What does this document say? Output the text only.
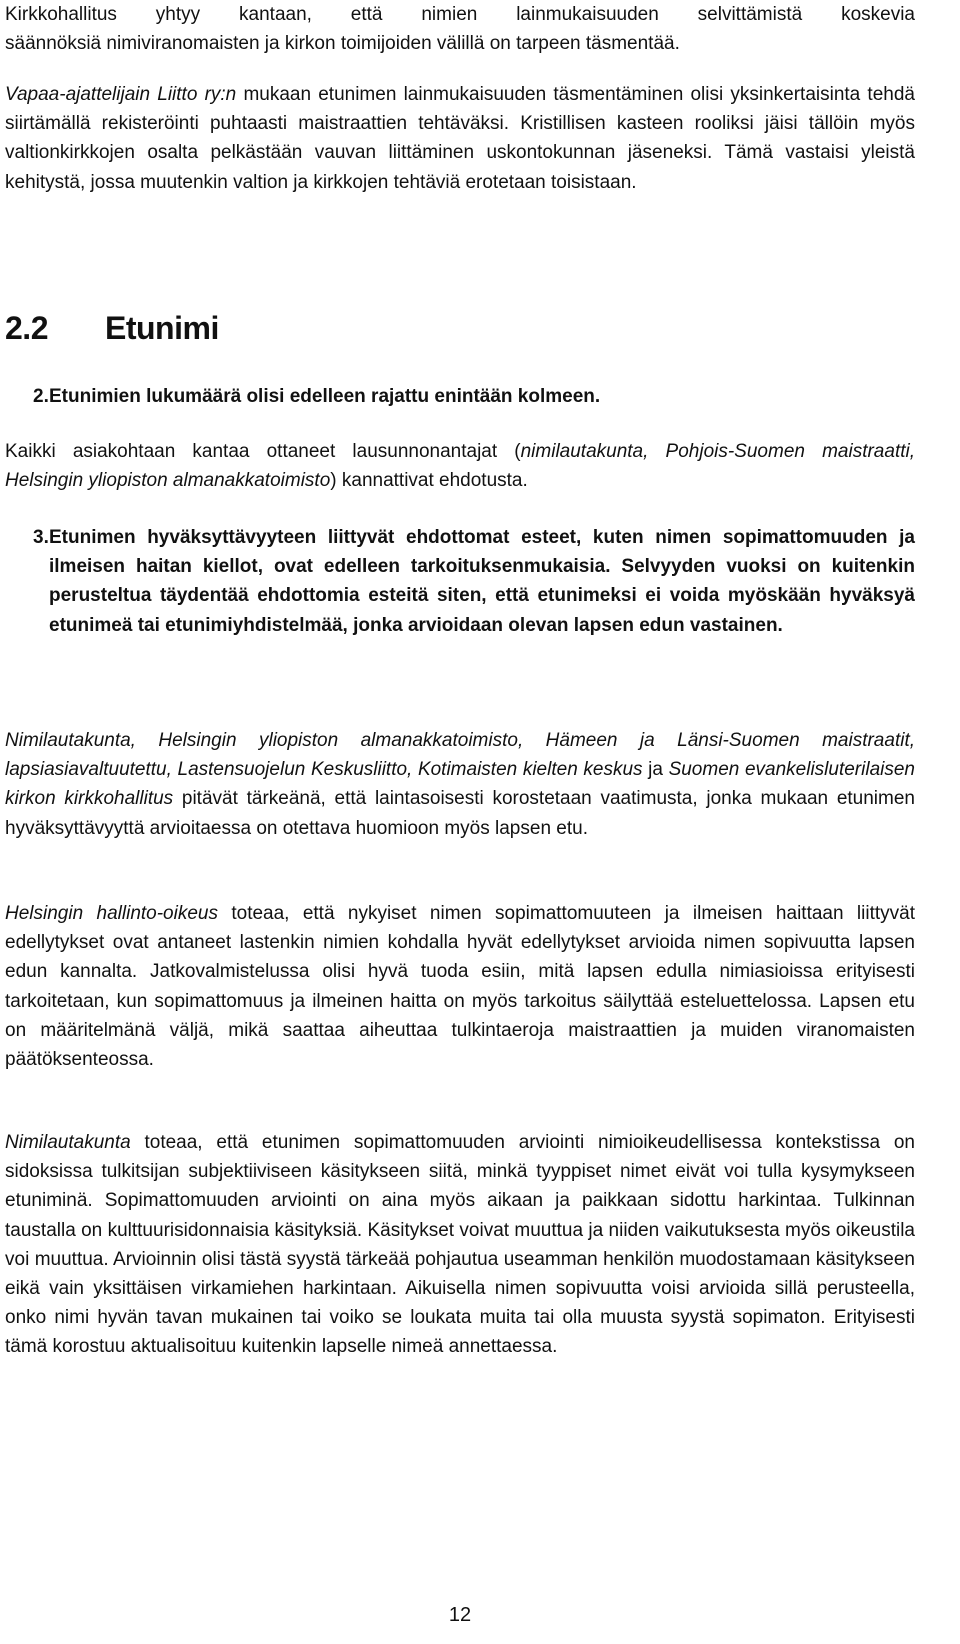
Kirkkohallitus yhtyy kantaan, että nimien lainmukaisuuden selvittämistä koskevia

säännöksiä nimiviranomaisten ja kirkon toimijoiden välillä on tarpeen täsmentää.

Vapaa-ajattelijain Liitto ry:n mukaan etunimen lainmukaisuuden täsmentäminen olisi yksinkertaisinta tehdä siirtämällä rekisteröinti puhtaasti maistraattien tehtäväksi. Kristillisen kasteen rooliksi jäisi tällöin myös valtionkirkkojen osalta pelkästään vauvan liittäminen uskontokunnan jäseneksi. Tämä vastaisi yleistä kehitystä, jossa muutenkin valtion ja kirkkojen tehtäviä erotetaan toisistaan.

2.2 Etunimi
2. Etunimien lukumäärä olisi edelleen rajattu enintään kolmeen.

Kaikki asiakohtaan kantaa ottaneet lausunnonantajat (nimilautakunta, Pohjois-Suomen maistraatti, Helsingin yliopiston almanakkatoimisto) kannattivat ehdotusta.

3. Etunimen hyväksyttävyyteen liittyvät ehdottomat esteet, kuten nimen sopimattomuuden ja ilmeisen haitan kiellot, ovat edelleen tarkoituksenmukaisia. Selvyyden vuoksi on kuitenkin perusteltua täydentää ehdottomia esteitä siten, että etunimeksi ei voida myöskään hyväksyä etunimeä tai etunimiyhdistelmää, jonka arvioidaan olevan lapsen edun vastainen.

Nimilautakunta, Helsingin yliopiston almanakkatoimisto, Hämeen ja Länsi-Suomen maistraatit, lapsiasiavaltuutettu, Lastensuojelun Keskusliitto, Kotimaisten kielten keskus ja Suomen evankelisluterilaisen kirkon kirkkohallitus pitävät tärkeänä, että laintasoisesti korostetaan vaatimusta, jonka mukaan etunimen hyväksyttävyyttä arvioitaessa on otettava huomioon myös lapsen etu.

Helsingin hallinto-oikeus toteaa, että nykyiset nimen sopimattomuuteen ja ilmeisen haittaan liittyvät edellytykset ovat antaneet lastenkin nimien kohdalla hyvät edellytykset arvioida nimen sopivuutta lapsen edun kannalta. Jatkovalmistelussa olisi hyvä tuoda esiin, mitä lapsen edulla nimiasioissa erityisesti tarkoitetaan, kun sopimattomuus ja ilmeinen haitta on myös tarkoitus säilyttää esteluettelossa. Lapsen etu on määritelmänä väljä, mikä saattaa aiheuttaa tulkintaeroja maistraattien ja muiden viranomaisten päätöksenteossa.

Nimilautakunta toteaa, että etunimen sopimattomuuden arviointi nimioikeudellisessa kontekstissa on sidoksissa tulkitsijan subjektiiviseen käsitykseen siitä, minkä tyyppiset nimet eivät voi tulla kysymykseen etuniminä. Sopimattomuuden arviointi on aina myös aikaan ja paikkaan sidottu harkintaa. Tulkinnan taustalla on kulttuurisidonnaisia käsityksiä. Käsitykset voivat muuttua ja niiden vaikutuksesta myös oikeustila voi muuttua. Arvioinnin olisi tästä syystä tärkeää pohjautua useamman henkilön muodostamaan käsitykseen eikä vain yksittäisen virkamiehen harkintaan. Aikuisella nimen sopivuutta voisi arvioida sillä perusteella, onko nimi hyvän tavan mukainen tai voiko se loukata muita tai olla muusta syystä sopimaton. Erityisesti tämä korostuu aktualisoituu kuitenkin lapselle nimeä annettaessa.

12
